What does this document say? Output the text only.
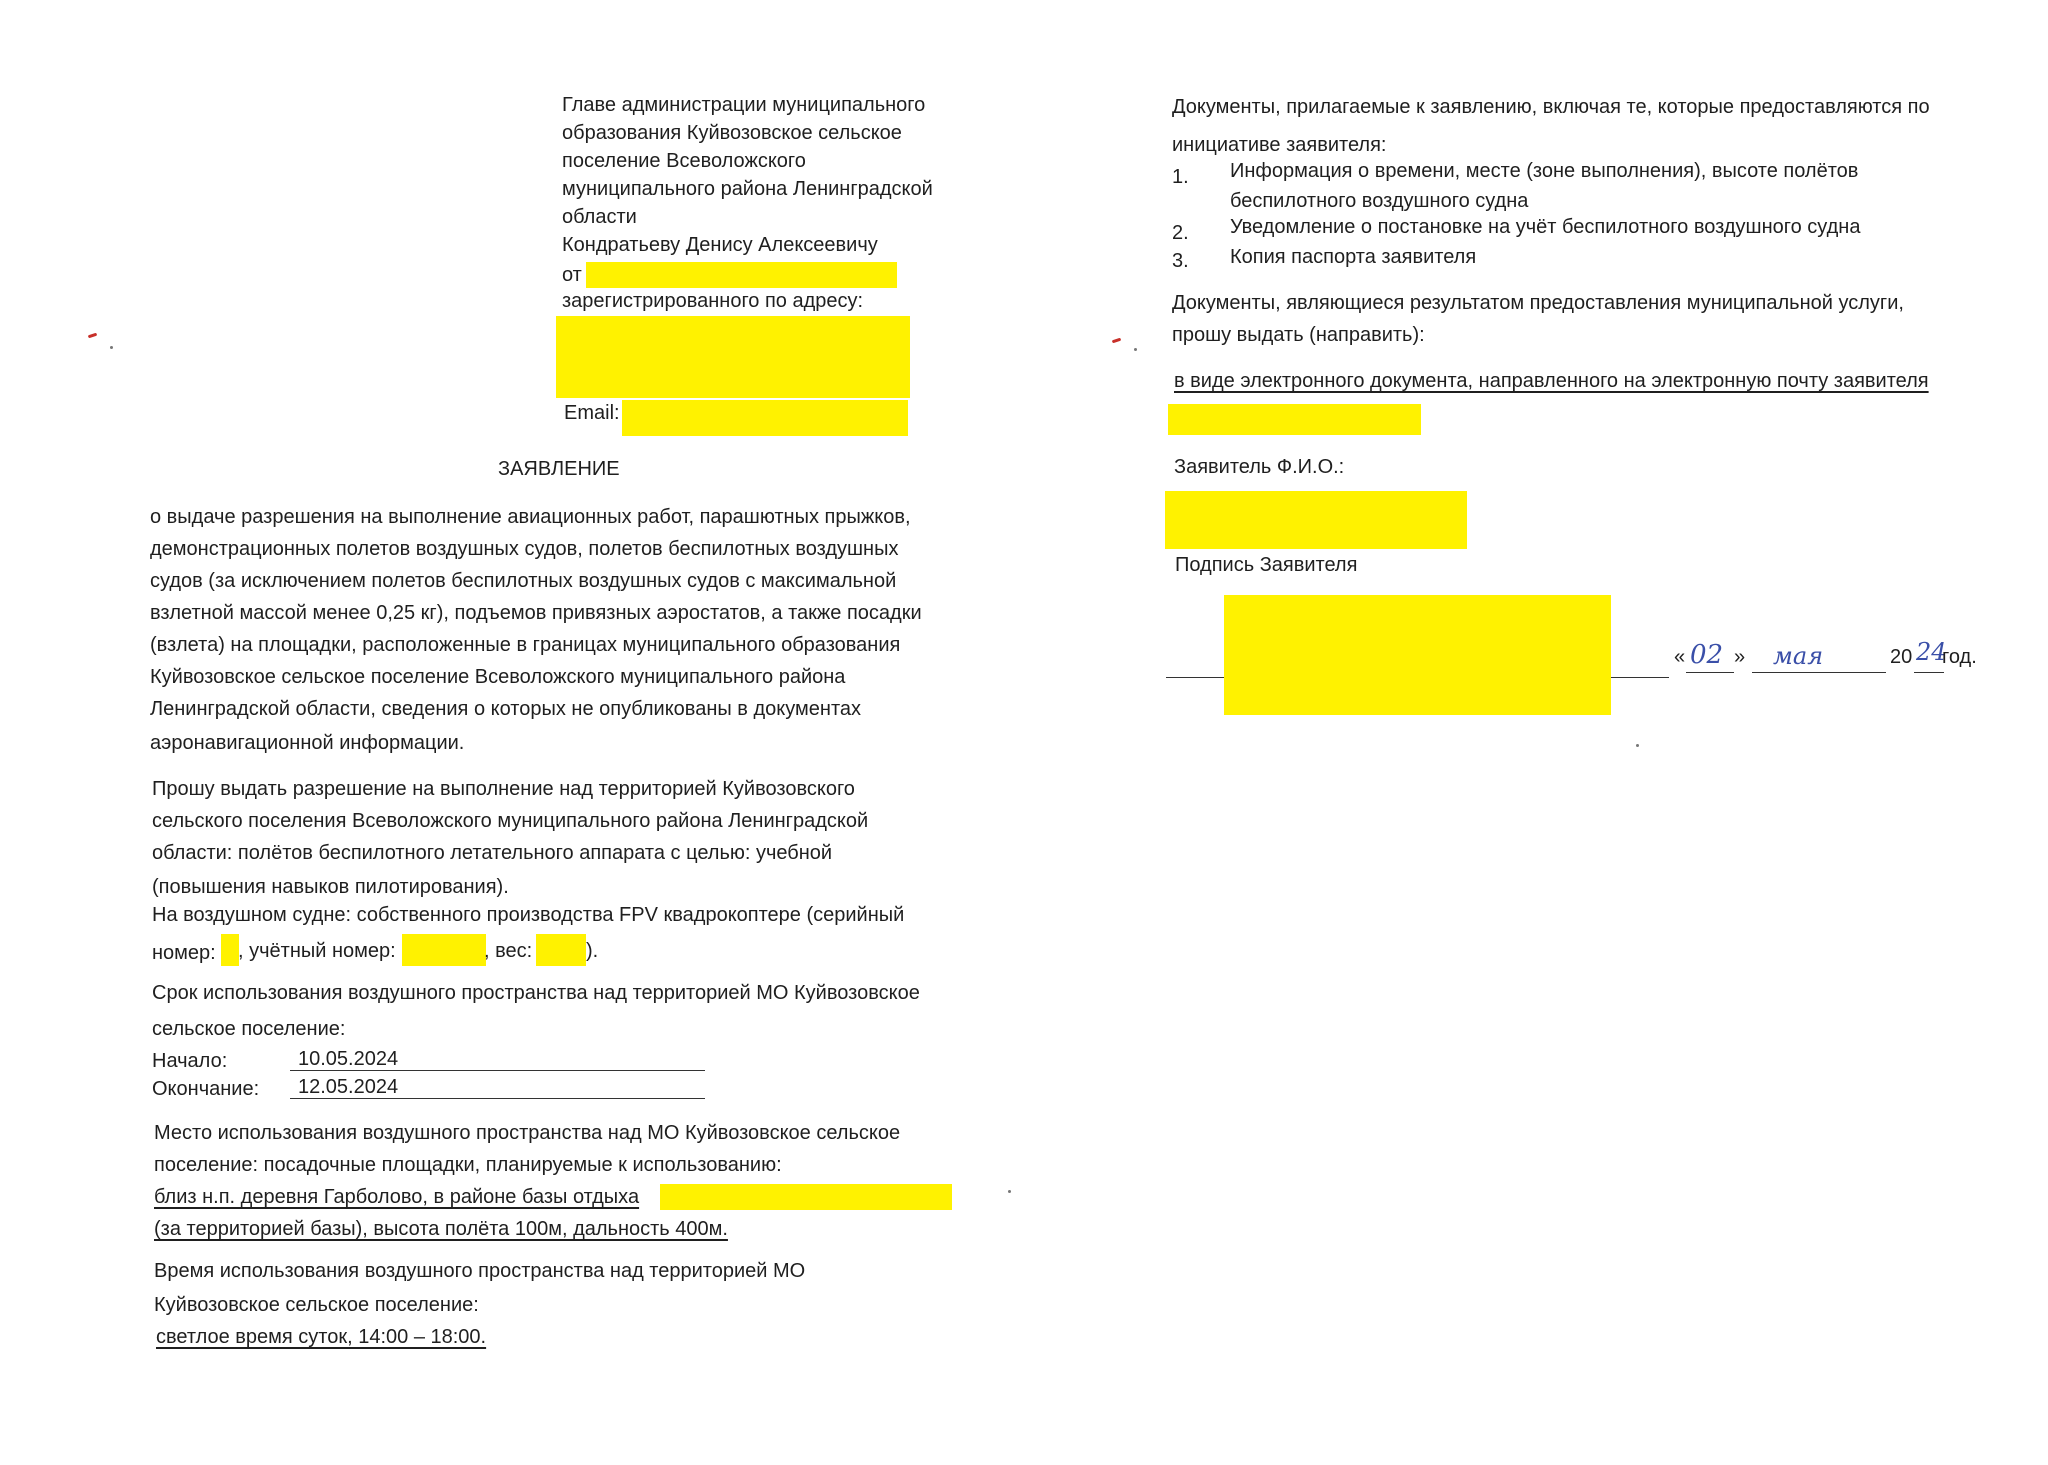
Главе администрации муниципального
образования Куйвозовское сельское
поселение Всеволожского
муниципального района Ленинградской
области
Кондратьеву Денису Алексеевичу
от
зарегистрированного по адресу:
Email:
ЗАЯВЛЕНИЕ
о выдаче разрешения на выполнение авиационных работ, парашютных прыжков,
демонстрационных полетов воздушных судов, полетов беспилотных воздушных
судов (за исключением полетов беспилотных воздушных судов с максимальной
взлетной массой менее 0,25 кг), подъемов привязных аэростатов, а также посадки
(взлета) на площадки, расположенные в границах муниципального образования
Куйвозовское сельское поселение Всеволожского муниципального района
Ленинградской области, сведения о которых не опубликованы в документах
аэронавигационной информации.
Прошу выдать разрешение на выполнение над территорией Куйвозовского
сельского поселения Всеволожского муниципального района Ленинградской
области: полётов беспилотного летательного аппарата с целью: учебной
(повышения навыков пилотирования).
На воздушном судне: собственного производства FPV квадрокоптере (серийный
номер: , учётный номер:	, вес:	).
Срок использования воздушного пространства над территорией МО Куйвозовское
сельское поселение:
Начало:	10.05.2024
Окончание: 12.05.2024
Место использования воздушного пространства над МО Куйвозовское сельское
поселение: посадочные площадки, планируемые к использованию:
близ н.п. деревня Гарболово, в районе базы отдыха
(за территорией базы), высота полёта 100м, дальность 400м.
Время использования воздушного пространства над территорией МО
Куйвозовское сельское поселение:
светлое время суток, 14:00 – 18:00.
Документы, прилагаемые к заявлению, включая те, которые предоставляются по
инициативе заявителя:
1. Информация о времени, месте (зоне выполнения), высоте полётов
беспилотного воздушного судна
2. Уведомление о постановке на учёт беспилотного воздушного судна
3. Копия паспорта заявителя
Документы, являющиеся результатом предоставления муниципальной услуги,
прошу выдать (направить):
в виде электронного документа, направленного на электронную почту заявителя
Заявитель Ф.И.О.:
Подпись Заявителя
« 02 » мая	20 24
год.
